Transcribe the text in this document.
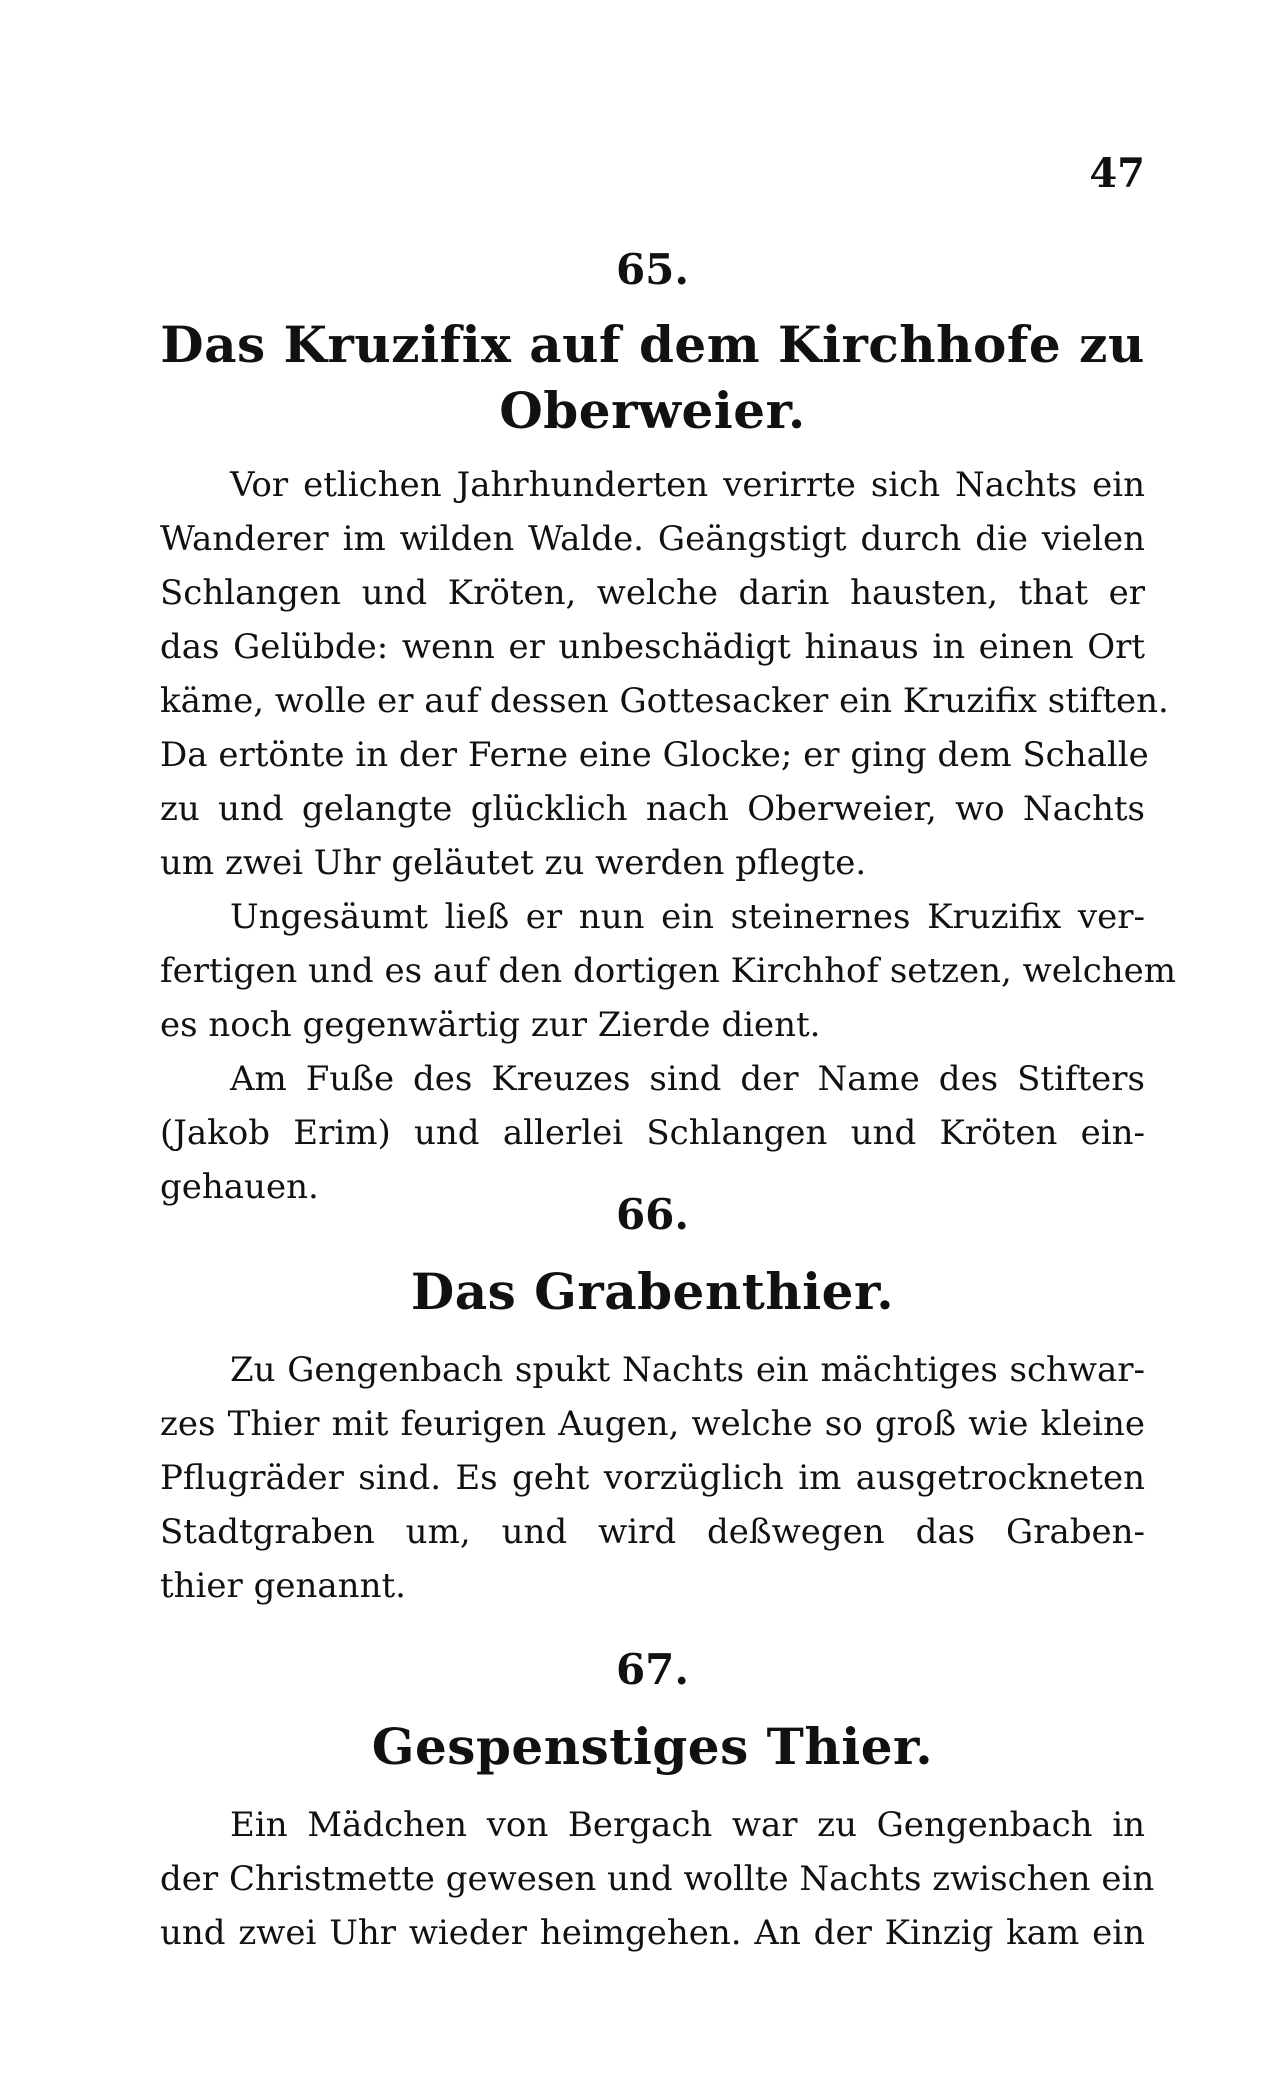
47
65.
Das Kruzifix auf dem Kirchhofe zu Oberweier.
Vor etlichen Jahrhunderten verirrte sich Nachts ein
Wanderer im wilden Walde. Geängstigt durch die vielen
Schlangen und Kröten, welche darin hausten, that er
das Gelübde: wenn er unbeschädigt hinaus in einen Ort
käme, wolle er auf dessen Gottesacker ein Kruzifix stiften.
Da ertönte in der Ferne eine Glocke; er ging dem Schalle
zu und gelangte glücklich nach Oberweier, wo Nachts
um zwei Uhr geläutet zu werden pflegte.
Ungesäumt ließ er nun ein steinernes Kruzifix ver-
fertigen und es auf den dortigen Kirchhof setzen, welchem
es noch gegenwärtig zur Zierde dient.
Am Fuße des Kreuzes sind der Name des Stifters
(Jakob Erim) und allerlei Schlangen und Kröten ein-
gehauen.
66.
Das Grabenthier.
Zu Gengenbach spukt Nachts ein mächtiges schwar-
zes Thier mit feurigen Augen, welche so groß wie kleine
Pflugräder sind. Es geht vorzüglich im ausgetrockneten
Stadtgraben um, und wird deßwegen das Graben-
thier genannt.
67.
Gespenstiges Thier.
Ein Mädchen von Bergach war zu Gengenbach in
der Christmette gewesen und wollte Nachts zwischen ein
und zwei Uhr wieder heimgehen. An der Kinzig kam ein
